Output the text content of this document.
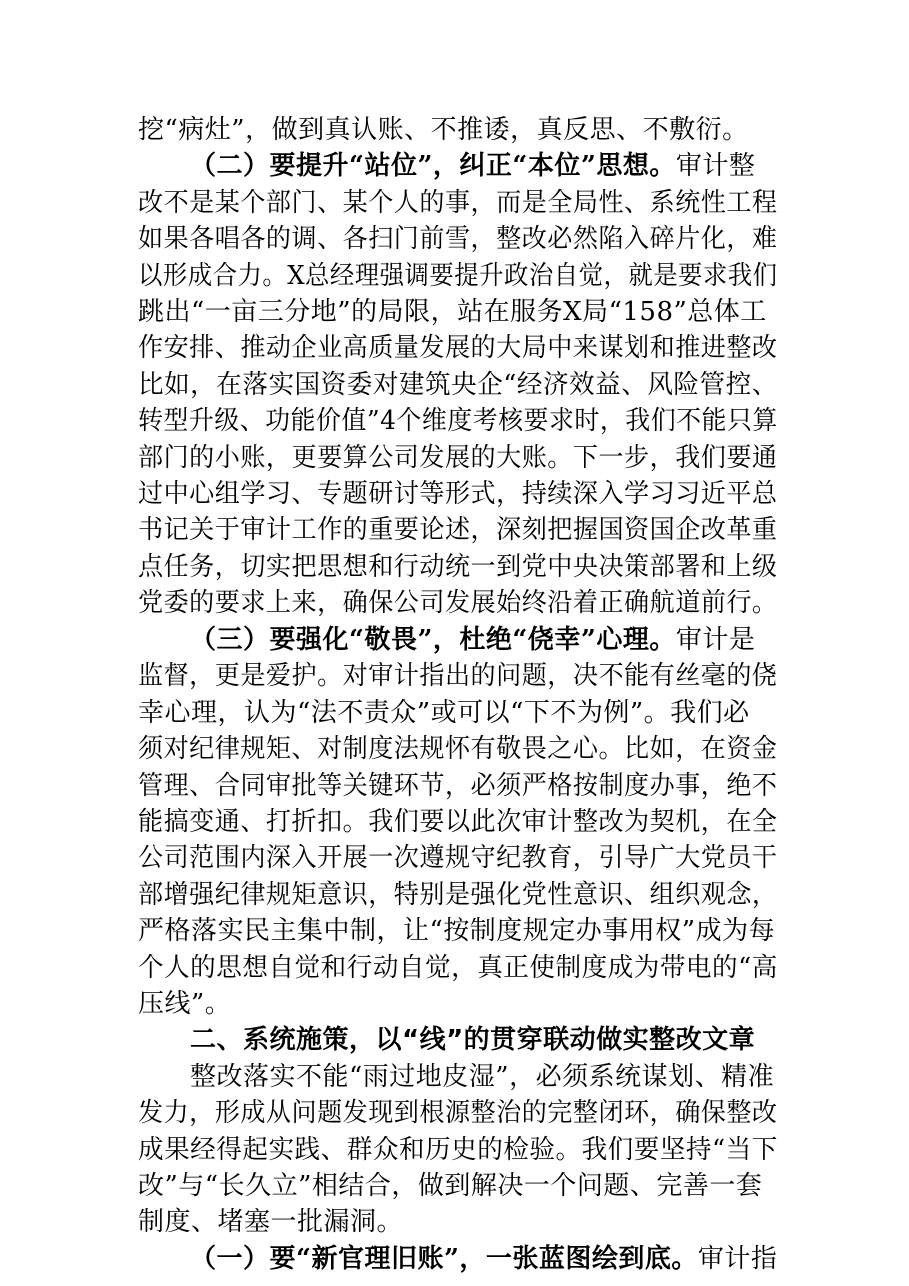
挖“病灶”，做到真认账、不推诿，真反思、不敷衍。
（二）要提升“站位”，纠正“本位”思想。审计整
改不是某个部门、某个人的事，而是全局性、系统性工程
如果各唱各的调、各扫门前雪，整改必然陷入碎片化，难
以形成合力。X总经理强调要提升政治自觉，就是要求我们
跳出“一亩三分地”的局限，站在服务X局“158”总体工
作安排、推动企业高质量发展的大局中来谋划和推进整改
比如，在落实国资委对建筑央企“经济效益、风险管控、
转型升级、功能价值”4个维度考核要求时，我们不能只算
部门的小账，更要算公司发展的大账。下一步，我们要通
过中心组学习、专题研讨等形式，持续深入学习习近平总
书记关于审计工作的重要论述，深刻把握国资国企改革重
点任务，切实把思想和行动统一到党中央决策部署和上级
党委的要求上来，确保公司发展始终沿着正确航道前行。
（三）要强化“敬畏”，杜绝“侥幸”心理。审计是
监督，更是爱护。对审计指出的问题，决不能有丝毫的侥
幸心理，认为“法不责众”或可以“下不为例”。我们必
须对纪律规矩、对制度法规怀有敬畏之心。比如，在资金
管理、合同审批等关键环节，必须严格按制度办事，绝不
能搞变通、打折扣。我们要以此次审计整改为契机，在全
公司范围内深入开展一次遵规守纪教育，引导广大党员干
部增强纪律规矩意识，特别是强化党性意识、组织观念，
严格落实民主集中制，让“按制度规定办事用权”成为每
个人的思想自觉和行动自觉，真正使制度成为带电的“高
压线”。
二、系统施策，以“线”的贯穿联动做实整改文章
整改落实不能“雨过地皮湿”，必须系统谋划、精准
发力，形成从问题发现到根源整治的完整闭环，确保整改
成果经得起实践、群众和历史的检验。我们要坚持“当下
改”与“长久立”相结合，做到解决一个问题、完善一套
制度、堵塞一批漏洞。
（一）要“新官理旧账”，一张蓝图绘到底。审计指
